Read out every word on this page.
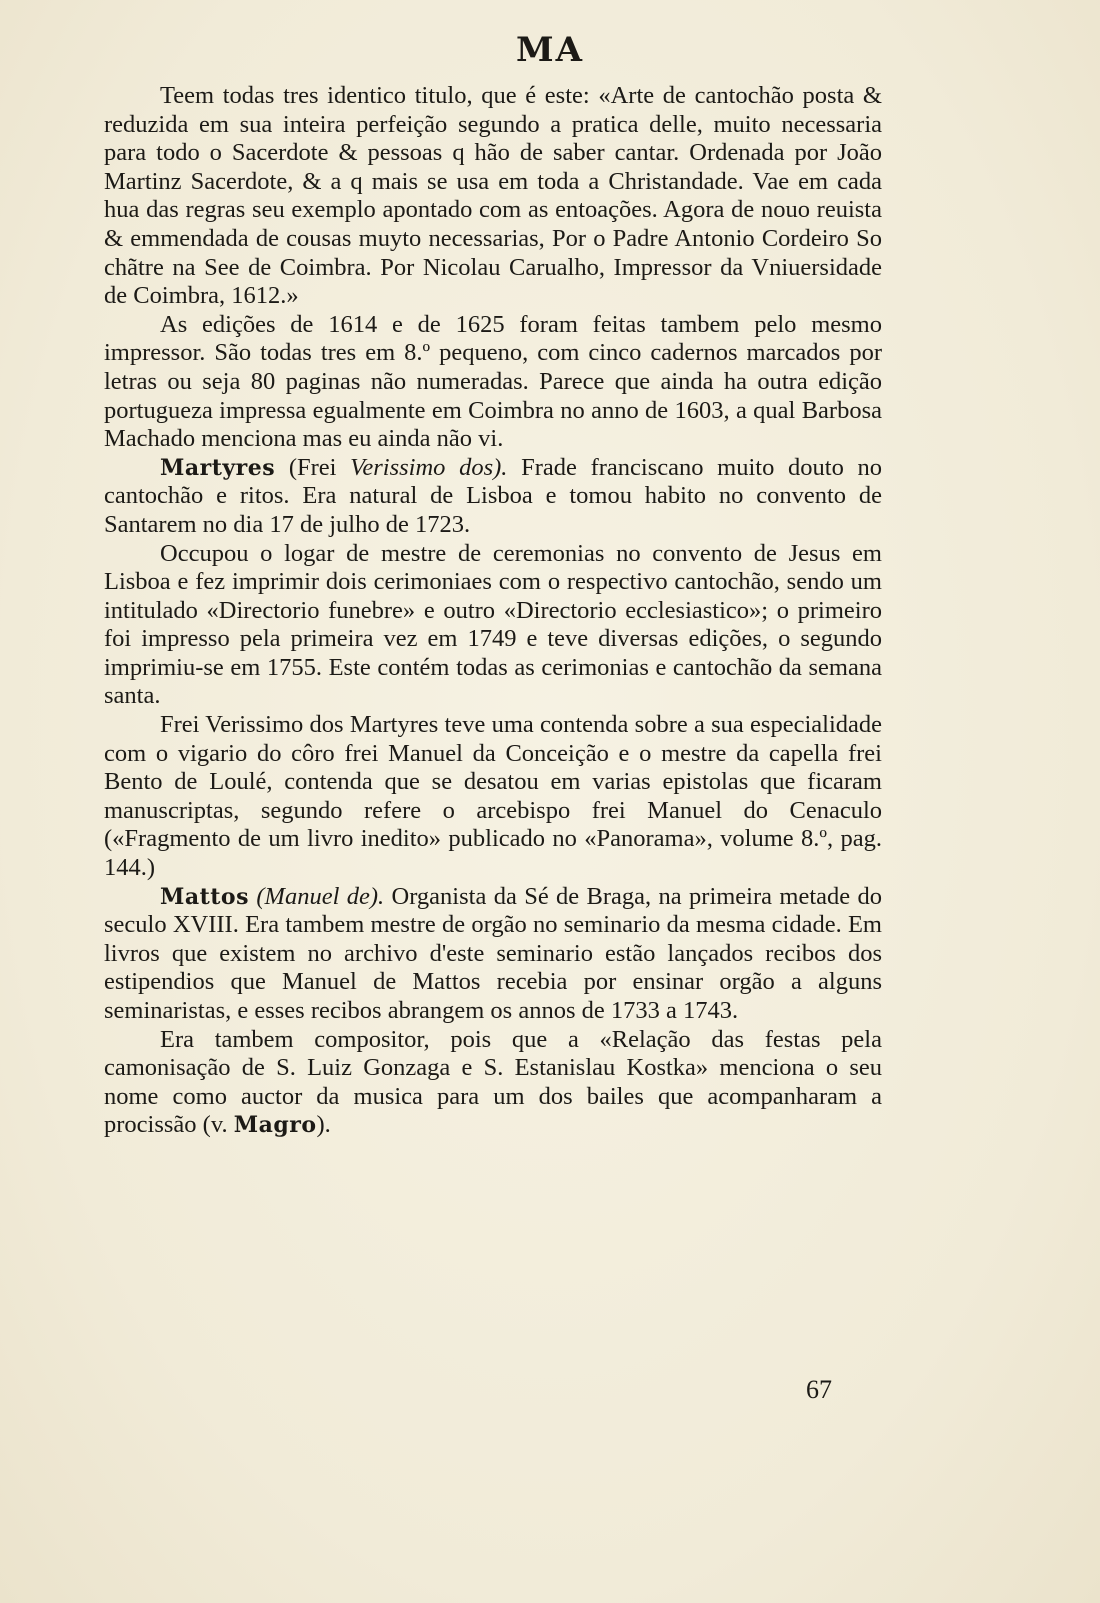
MA

Teem todas tres identico titulo, que é este: «Arte de cantochão posta & reduzida em sua inteira perfeição segundo a pratica delle, muito necessaria para todo o Sacerdote & pessoas q hão de saber cantar. Ordenada por João Martinz Sacerdote, & a q mais se usa em toda a Christandade. Vae em cada hua das regras seu exemplo apontado com as entoações. Agora de nouo reuista & emmendada de cousas muyto necessarias, Por o Padre Antonio Cordeiro So chãtre na See de Coimbra. Por Nicolau Carualho, Impressor da Vniuersidade de Coimbra, 1612.»

As edições de 1614 e de 1625 foram feitas tambem pelo mesmo impressor. São todas tres em 8.º pequeno, com cinco cadernos marcados por letras ou seja 80 paginas não numeradas. Parece que ainda ha outra edição portugueza impressa egualmente em Coimbra no anno de 1603, a qual Barbosa Machado menciona mas eu ainda não vi.

Martyres (Frei Verissimo dos). Frade franciscano muito douto no cantochão e ritos. Era natural de Lisboa e tomou habito no convento de Santarem no dia 17 de julho de 1723.

Occupou o logar de mestre de ceremonias no convento de Jesus em Lisboa e fez imprimir dois cerimoniaes com o respectivo cantochão, sendo um intitulado «Directorio funebre» e outro «Directorio ecclesiastico»; o primeiro foi impresso pela primeira vez em 1749 e teve diversas edições, o segundo imprimiu-se em 1755. Este contém todas as cerimonias e cantochão da semana santa.

Frei Verissimo dos Martyres teve uma contenda sobre a sua especialidade com o vigario do côro frei Manuel da Conceição e o mestre da capella frei Bento de Loulé, contenda que se desatou em varias epistolas que ficaram manuscriptas, segundo refere o arcebispo frei Manuel do Cenaculo («Fragmento de um livro inedito» publicado no «Panorama», volume 8.º, pag. 144.)

Mattos (Manuel de). Organista da Sé de Braga, na primeira metade do seculo XVIII. Era tambem mestre de orgão no seminario da mesma cidade. Em livros que existem no archivo d'este seminario estão lançados recibos dos estipendios que Manuel de Mattos recebia por ensinar orgão a alguns seminaristas, e esses recibos abrangem os annos de 1733 a 1743.

Era tambem compositor, pois que a «Relação das festas pela camonisação de S. Luiz Gonzaga e S. Estanislau Kostka» menciona o seu nome como auctor da musica para um dos bailes que acompanharam a procissão (v. Magro).

67
